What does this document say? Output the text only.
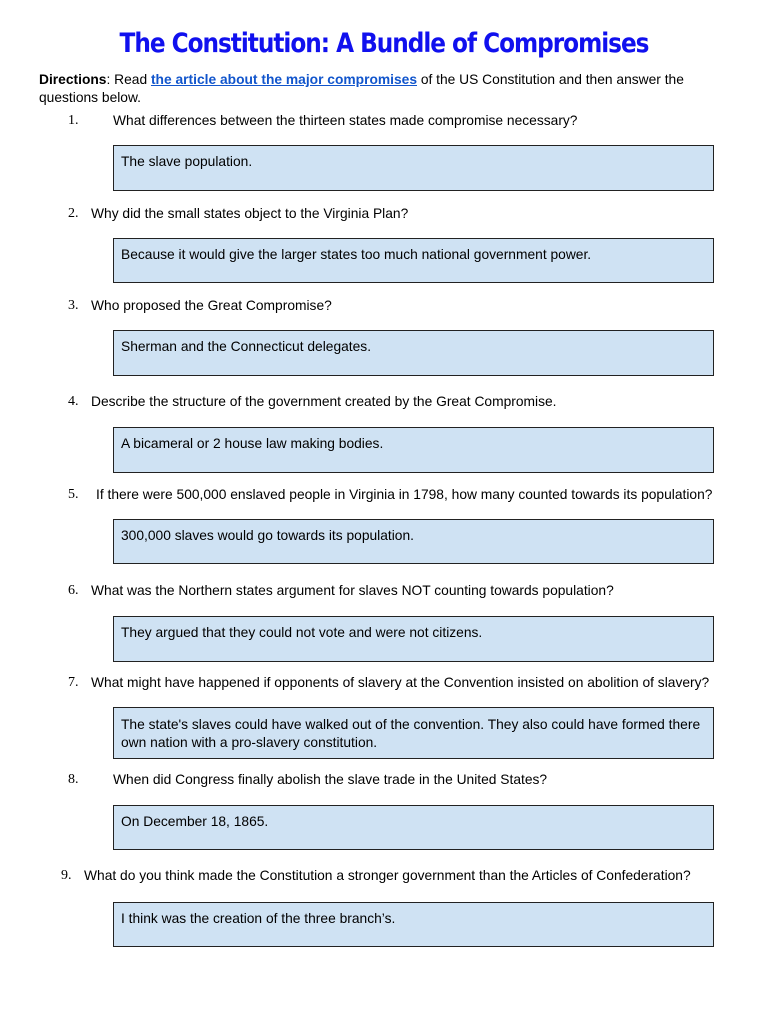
The Constitution: A Bundle of Compromises
Directions: Read the article about the major compromises of the US Constitution and then answer the questions below.
1.	What differences between the thirteen states made compromise necessary?
The slave population.
2. Why did the small states object to the Virginia Plan?
Because it would give the larger states too much national government power.
3. Who proposed the Great Compromise?
Sherman and the Connecticut delegates.
4. Describe the structure of the government created by the Great Compromise.
A bicameral or 2 house law making bodies.
5. If there were 500,000 enslaved people in Virginia in 1798, how many counted towards its population?
300,000 slaves would go towards its population.
6. What was the Northern states argument for slaves NOT counting towards population?
They argued that they could not vote and were not citizens.
7. What might have happened if opponents of slavery at the Convention insisted on abolition of slavery?
The state's slaves could have walked out of the convention. They also could have formed there own nation with a pro-slavery constitution.
8.	When did Congress finally abolish the slave trade in the United States?
On December 18, 1865.
9. What do you think made the Constitution a stronger government than the Articles of Confederation?
I think was the creation of the three branch’s.
